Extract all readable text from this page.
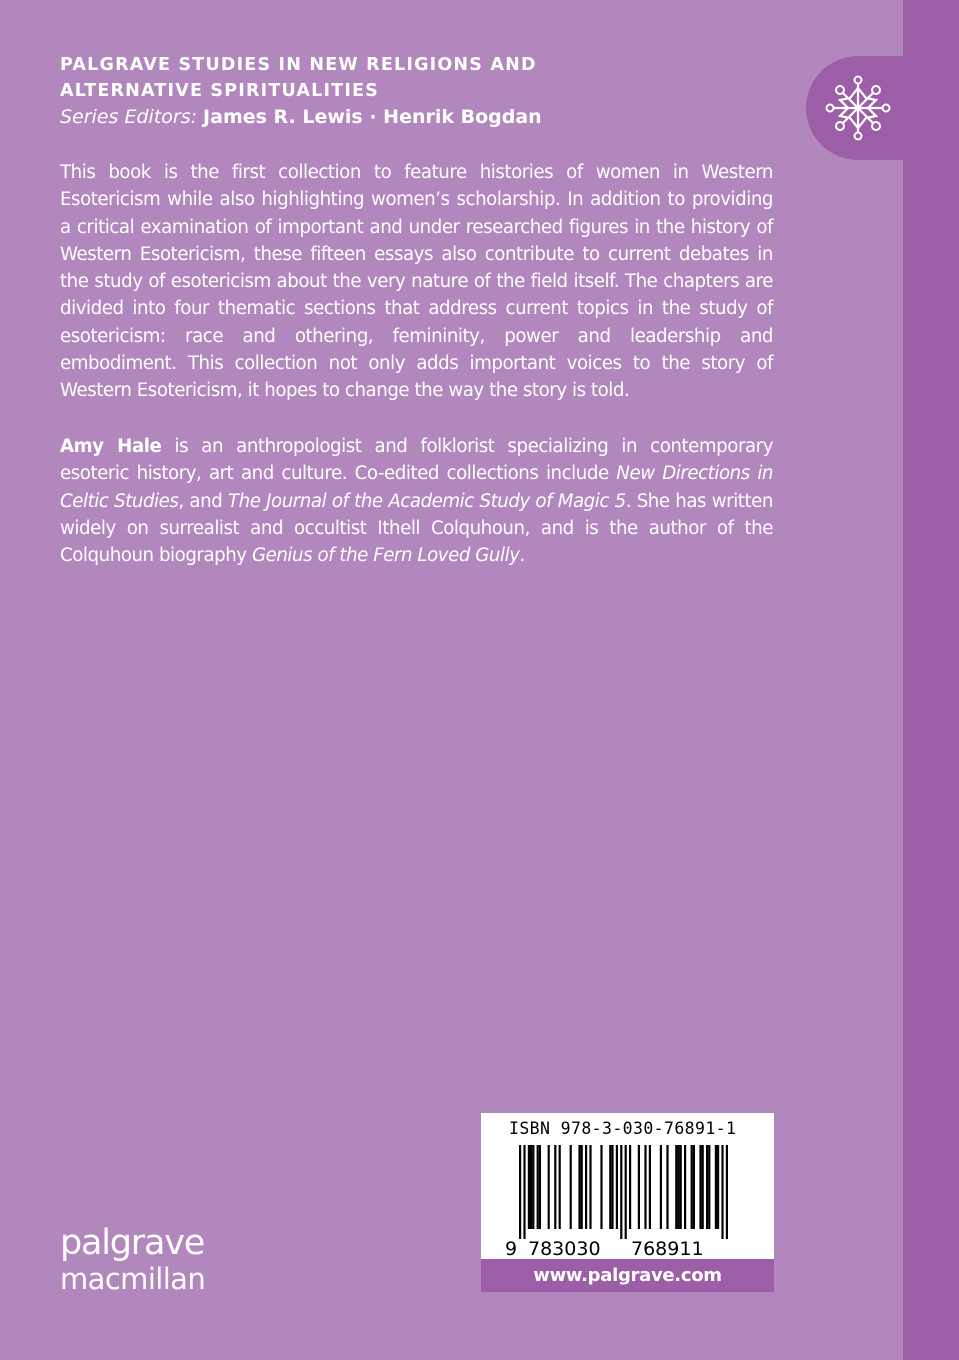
PALGRAVE STUDIES IN NEW RELIGIONS AND
ALTERNATIVE SPIRITUALITIES
Series Editors: James R. Lewis · Henrik Bogdan

This book is the first collection to feature histories of women in Western Esotericism while also highlighting women’s scholarship. In addition to providing a critical examination of important and under researched figures in the history of Western Esotericism, these fifteen essays also contribute to current debates in the study of esotericism about the very nature of the field itself. The chapters are divided into four thematic sections that address current topics in the study of esotericism: race and othering, femininity, power and leadership and embodiment. This collection not only adds important voices to the story of Western Esotericism, it hopes to change the way the story is told.

Amy Hale is an anthropologist and folklorist specializing in contemporary esoteric history, art and culture. Co-edited collections include New Directions in Celtic Studies, and The Journal of the Academic Study of Magic 5. She has written widely on surrealist and occultist Ithell Colquhoun, and is the author of the Colquhoun biography Genius of the Fern Loved Gully.

palgrave
macmillan
ISBN 978-3-030-76891-1
9 783030 768911
www.palgrave.com
